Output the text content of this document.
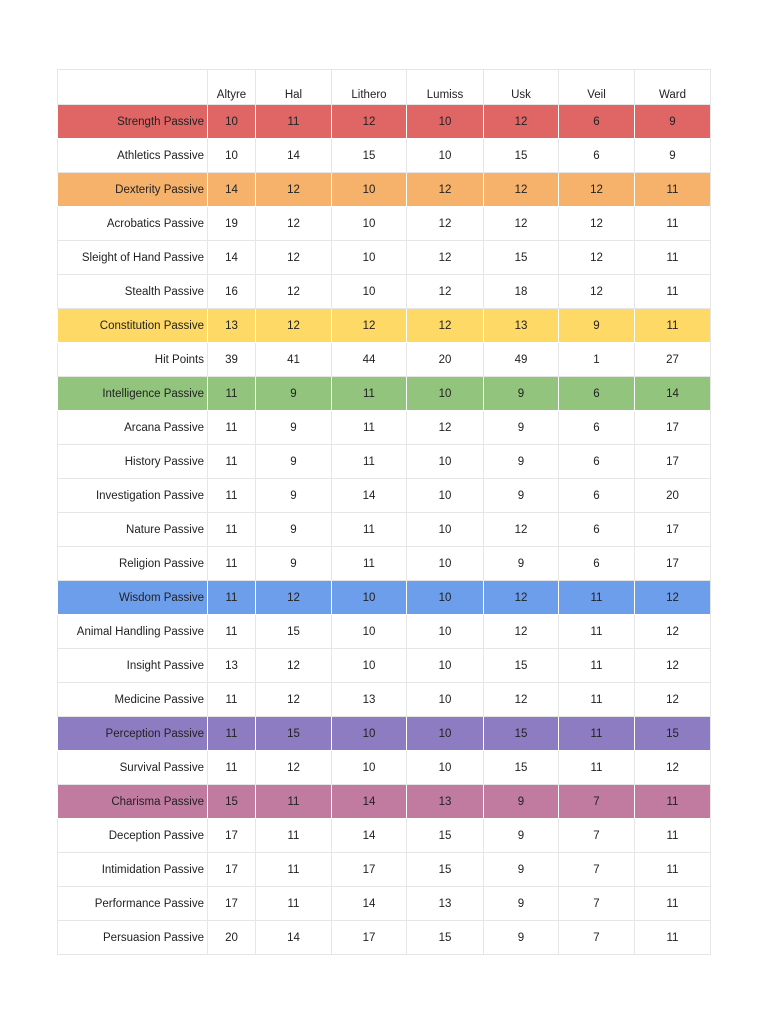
	Altyre	Hal	Lithero	Lumiss	Usk	Veil	Ward
Strength Passive	10	11	12	10	12	6	9
Athletics Passive	10	14	15	10	15	6	9
Dexterity Passive	14	12	10	12	12	12	11
Acrobatics Passive	19	12	10	12	12	12	11
Sleight of Hand Passive	14	12	10	12	15	12	11
Stealth Passive	16	12	10	12	18	12	11
Constitution Passive	13	12	12	12	13	9	11
Hit Points	39	41	44	20	49	1	27
Intelligence Passive	11	9	11	10	9	6	14
Arcana Passive	11	9	11	12	9	6	17
History Passive	11	9	11	10	9	6	17
Investigation Passive	11	9	14	10	9	6	20
Nature Passive	11	9	11	10	12	6	17
Religion Passive	11	9	11	10	9	6	17
Wisdom Passive	11	12	10	10	12	11	12
Animal Handling Passive	11	15	10	10	12	11	12
Insight Passive	13	12	10	10	15	11	12
Medicine Passive	11	12	13	10	12	11	12
Perception Passive	11	15	10	10	15	11	15
Survival Passive	11	12	10	10	15	11	12
Charisma Passive	15	11	14	13	9	7	11
Deception Passive	17	11	14	15	9	7	11
Intimidation Passive	17	11	17	15	9	7	11
Performance Passive	17	11	14	13	9	7	11
Persuasion Passive	20	14	17	15	9	7	11
